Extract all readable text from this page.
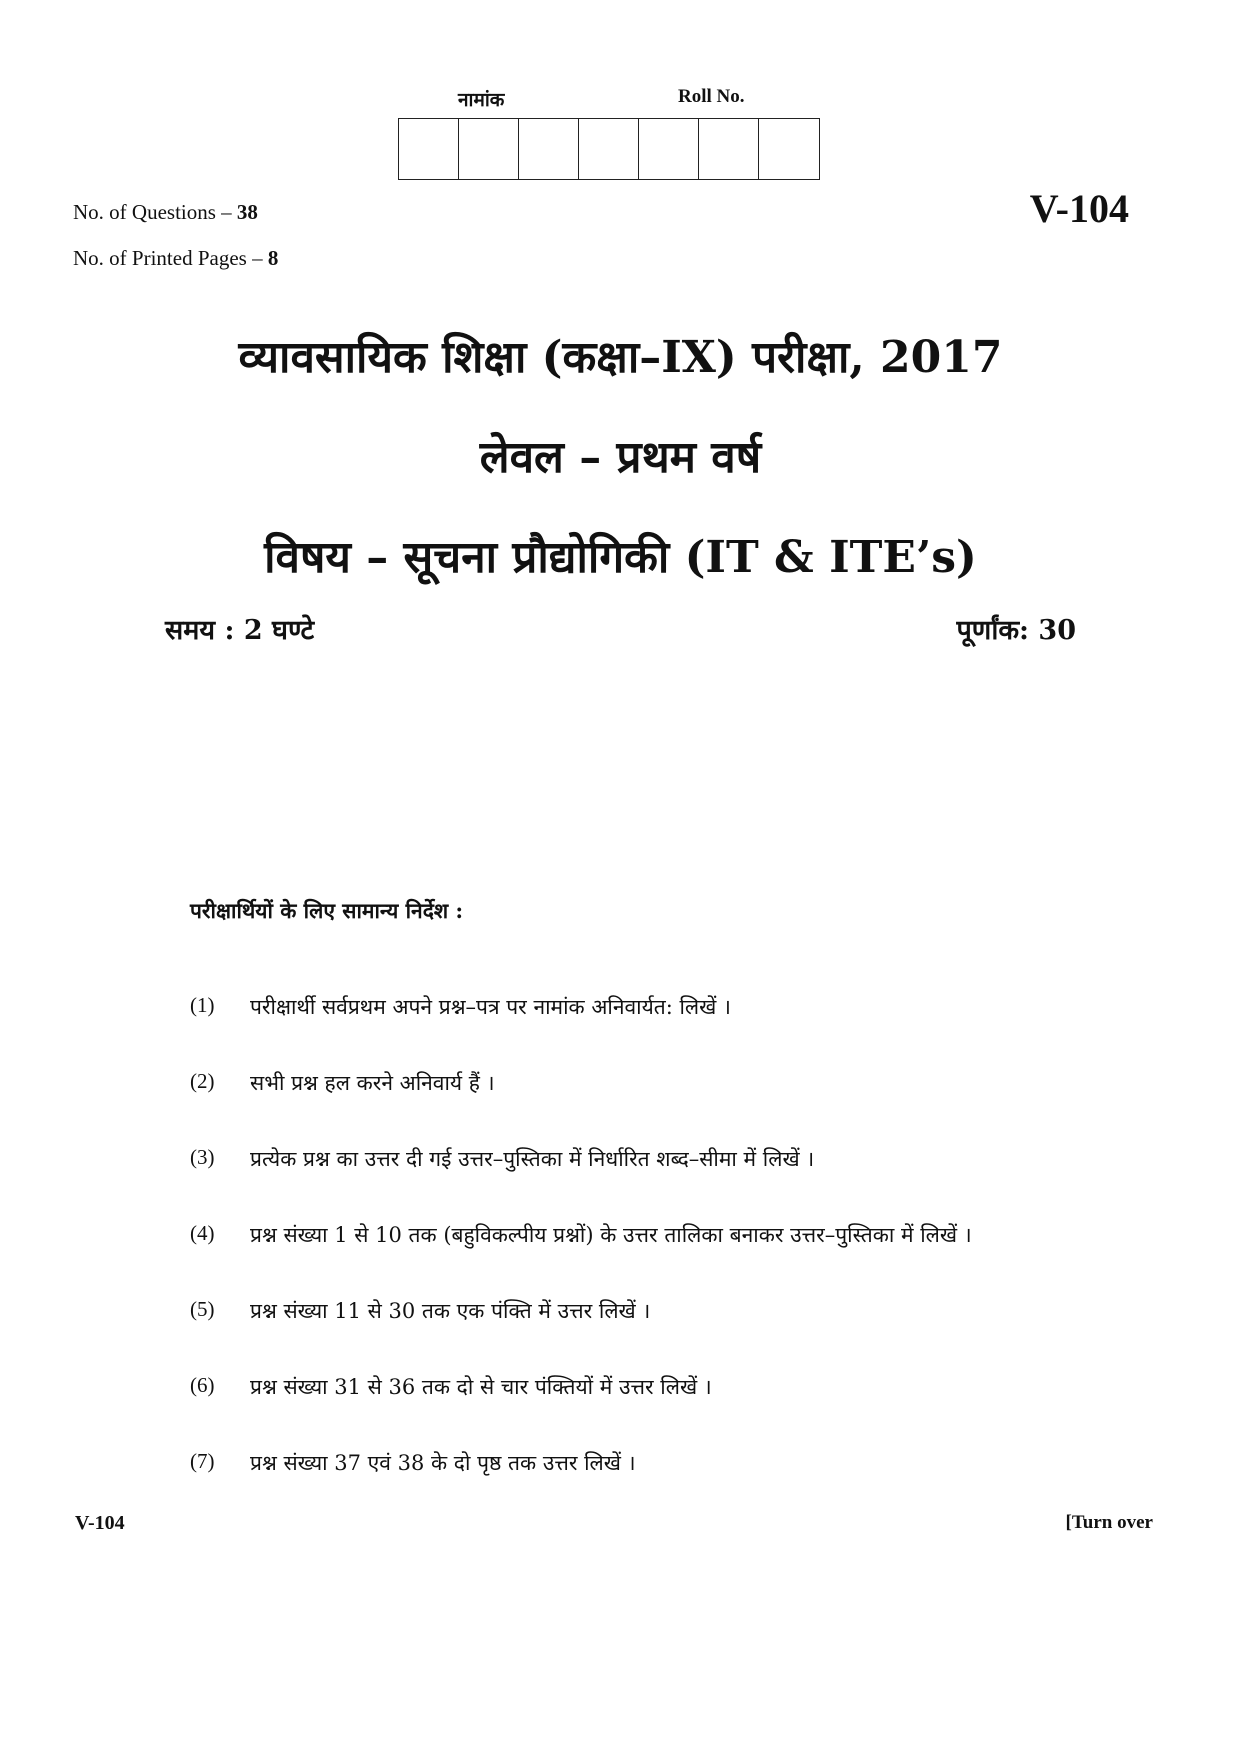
नामांक	Roll No.
No. of Questions – 38
No. of Printed Pages – 8
V-104
व्यावसायिक शिक्षा (कक्षा–IX) परीक्षा, 2017
लेवल – प्रथम वर्ष
विषय – सूचना प्रौद्योगिकी (IT & ITE’s)
समय : 2 घण्टे	पूर्णांक: 30
परीक्षार्थियों के लिए सामान्य निर्देश :
(1)	परीक्षार्थी सर्वप्रथम अपने प्रश्न–पत्र पर नामांक अनिवार्यत: लिखें ।
(2)	सभी प्रश्न हल करने अनिवार्य हैं ।
(3)	प्रत्येक प्रश्न का उत्तर दी गई उत्तर–पुस्तिका में निर्धारित शब्द–सीमा में लिखें ।
(4)	प्रश्न संख्या 1 से 10 तक (बहुविकल्पीय प्रश्नों) के उत्तर तालिका बनाकर उत्तर–पुस्तिका में लिखें ।
(5)	प्रश्न संख्या 11 से 30 तक एक पंक्ति में उत्तर लिखें ।
(6)	प्रश्न संख्या 31 से 36 तक दो से चार पंक्तियों में उत्तर लिखें ।
(7)	प्रश्न संख्या 37 एवं 38 के दो पृष्ठ तक उत्तर लिखें ।
V-104	[Turn over
